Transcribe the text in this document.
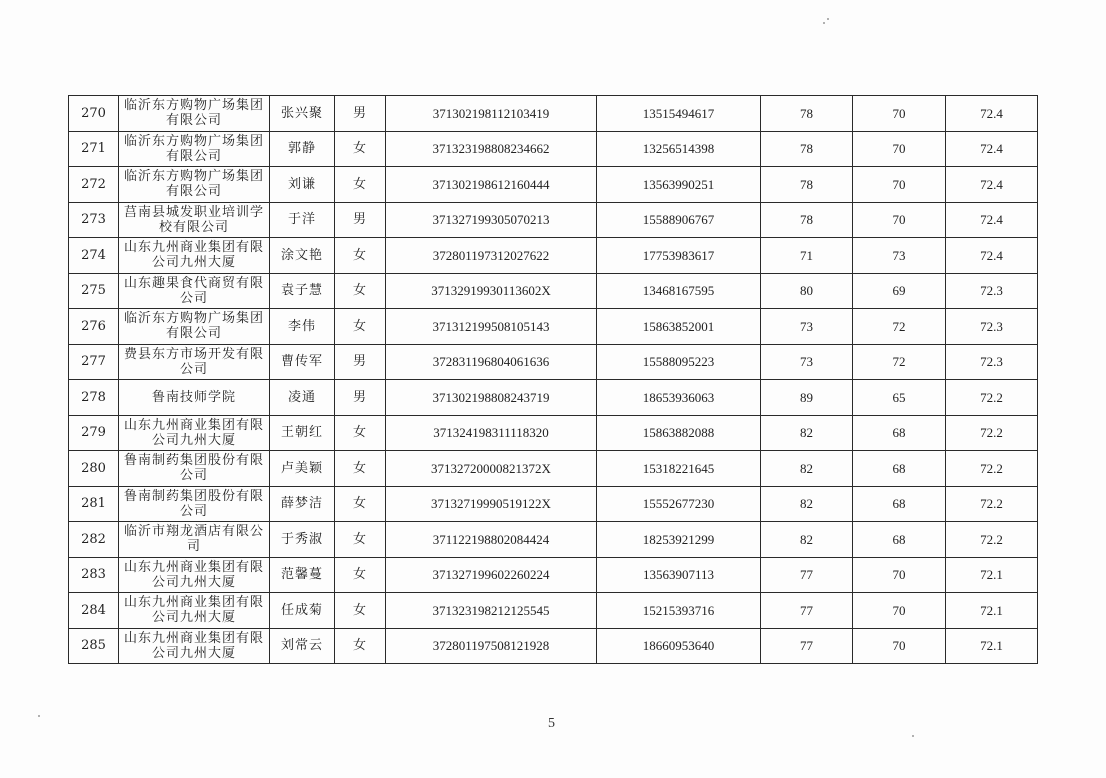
270	临沂东方购物广场集团有限公司	张兴聚	男	371302198112103419	13515494617	78	70	72.4
271	临沂东方购物广场集团有限公司	郭静	女	371323198808234662	13256514398	78	70	72.4
272	临沂东方购物广场集团有限公司	刘谦	女	371302198612160444	13563990251	78	70	72.4
273	莒南县城发职业培训学校有限公司	于洋	男	371327199305070213	15588906767	78	70	72.4
274	山东九州商业集团有限公司九州大厦	涂文艳	女	372801197312027622	17753983617	71	73	72.4
275	山东趣果食代商贸有限公司	袁子慧	女	37132919930113602X	13468167595	80	69	72.3
276	临沂东方购物广场集团有限公司	李伟	女	371312199508105143	15863852001	73	72	72.3
277	费县东方市场开发有限公司	曹传军	男	372831196804061636	15588095223	73	72	72.3
278	鲁南技师学院	凌通	男	371302198808243719	18653936063	89	65	72.2
279	山东九州商业集团有限公司九州大厦	王朝红	女	371324198311118320	15863882088	82	68	72.2
280	鲁南制药集团股份有限公司	卢美颖	女	37132720000821372X	15318221645	82	68	72.2
281	鲁南制药集团股份有限公司	薛梦洁	女	37132719990519122X	15552677230	82	68	72.2
282	临沂市翔龙酒店有限公司	于秀淑	女	371122198802084424	18253921299	82	68	72.2
283	山东九州商业集团有限公司九州大厦	范馨蔓	女	371327199602260224	13563907113	77	70	72.1
284	山东九州商业集团有限公司九州大厦	任成菊	女	371323198212125545	15215393716	77	70	72.1
285	山东九州商业集团有限公司九州大厦	刘常云	女	372801197508121928	18660953640	77	70	72.1
5
